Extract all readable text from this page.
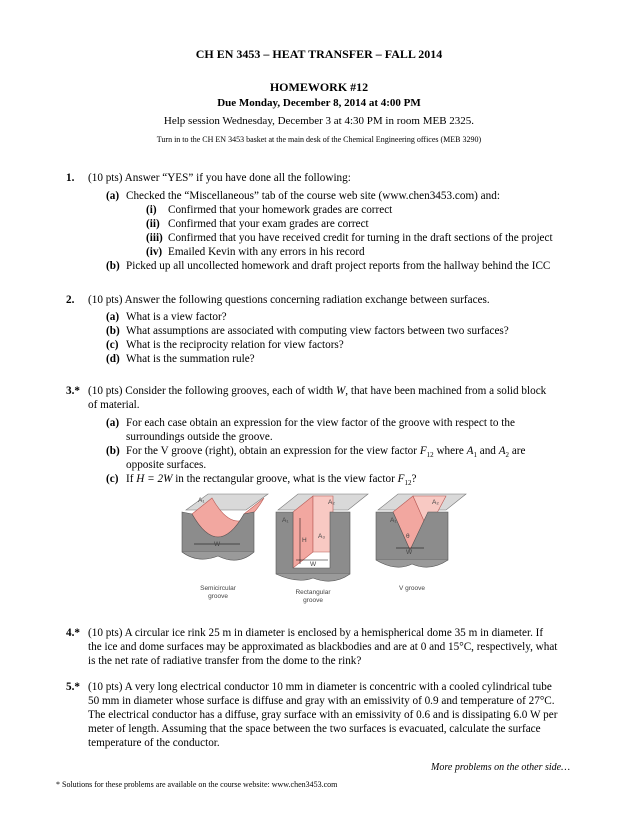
CH EN 3453 – HEAT TRANSFER – FALL 2014
HOMEWORK #12
Due Monday, December 8, 2014 at 4:00 PM
Help session Wednesday, December 3 at 4:30 PM in room MEB 2325.
Turn in to the CH EN 3453 basket at the main desk of the Chemical Engineering offices (MEB 3290)
1. (10 pts) Answer “YES” if you have done all the following:
(a) Checked the “Miscellaneous” tab of the course web site (www.chen3453.com) and:
(i) Confirmed that your homework grades are correct
(ii) Confirmed that your exam grades are correct
(iii) Confirmed that you have received credit for turning in the draft sections of the project
(iv) Emailed Kevin with any errors in his record
(b) Picked up all uncollected homework and draft project reports from the hallway behind the ICC
2. (10 pts) Answer the following questions concerning radiation exchange between surfaces.
(a) What is a view factor?
(b) What assumptions are associated with computing view factors between two surfaces?
(c) What is the reciprocity relation for view factors?
(d) What is the summation rule?
3.* (10 pts) Consider the following grooves, each of width W, that have been machined from a solid block
of material.
(a) For each case obtain an expression for the view factor of the groove with respect to the
surroundings outside the groove.
(b) For the V groove (right), obtain an expression for the view factor $F_{12}$ where $A_1$ and $A_2$ are
opposite surfaces.
(c) If H = 2W in the rectangular groove, what is the view factor $F_{12}$?
A₁
W
A₂
A₁
A₃
H
W
A₂
A₁
θ
W
Semicircular
groove
Rectangular
groove
V groove
4.* (10 pts) A circular ice rink 25 m in diameter is enclosed by a hemispherical dome 35 m in diameter. If
the ice and dome surfaces may be approximated as blackbodies and are at 0 and 15°C, respectively, what
is the net rate of radiative transfer from the dome to the rink?
5.* (10 pts) A very long electrical conductor 10 mm in diameter is concentric with a cooled cylindrical tube
50 mm in diameter whose surface is diffuse and gray with an emissivity of 0.9 and temperature of 27°C.
The electrical conductor has a diffuse, gray surface with an emissivity of 0.6 and is dissipating 6.0 W per
meter of length. Assuming that the space between the two surfaces is evacuated, calculate the surface
temperature of the conductor.
More problems on the other side…
* Solutions for these problems are available on the course website: www.chen3453.com
